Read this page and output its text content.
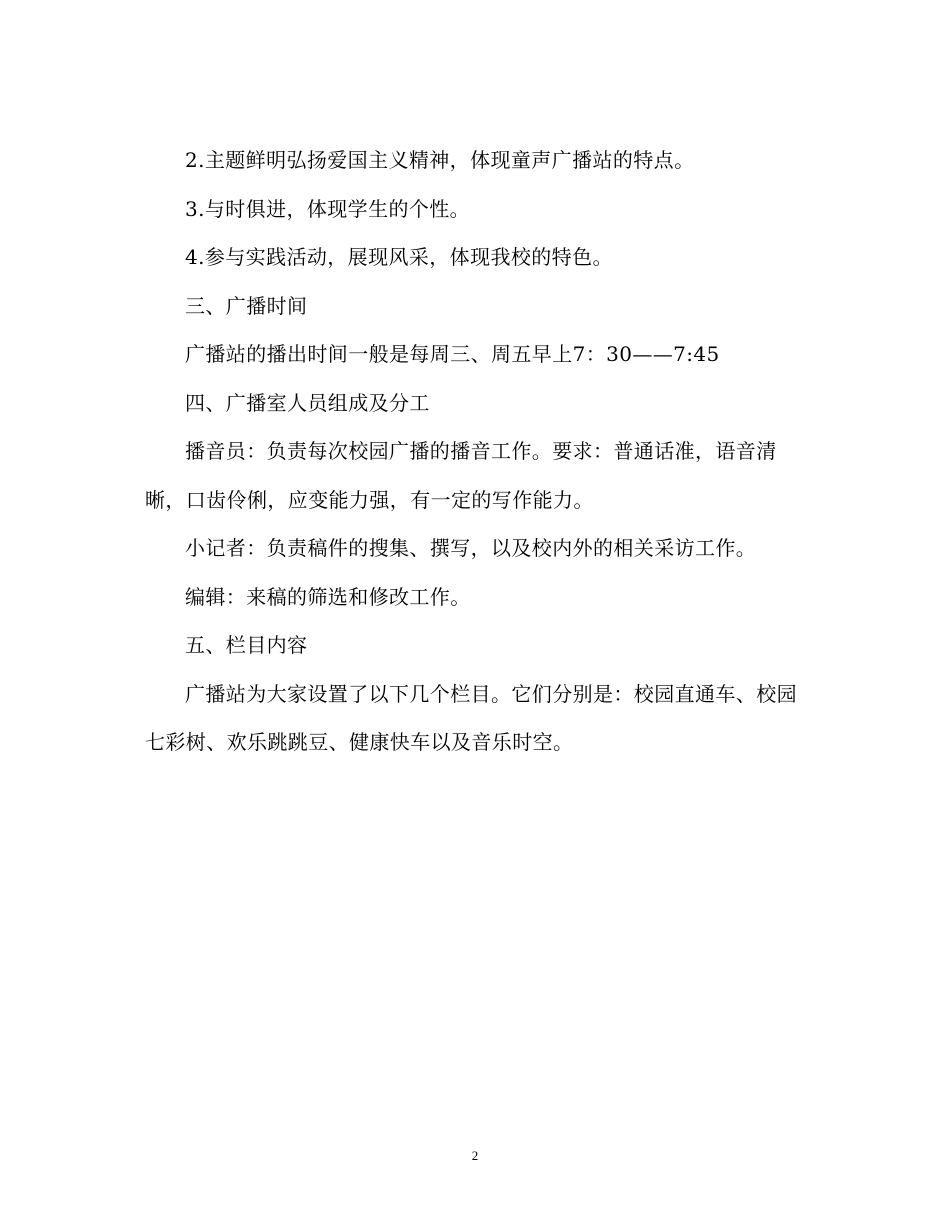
2.主题鲜明弘扬爱国主义精神，体现童声广播站的特点。

3.与时俱进，体现学生的个性。

4.参与实践活动，展现风采，体现我校的特色。

三、广播时间

广播站的播出时间一般是每周三、周五早上7：30——7:45

四、广播室人员组成及分工

播音员：负责每次校园广播的播音工作。要求：普通话准，语音清晰，口齿伶俐，应变能力强，有一定的写作能力。

小记者：负责稿件的搜集、撰写，以及校内外的相关采访工作。

编辑：来稿的筛选和修改工作。

五、栏目内容

广播站为大家设置了以下几个栏目。它们分别是：校园直通车、校园七彩树、欢乐跳跳豆、健康快车以及音乐时空。

2
